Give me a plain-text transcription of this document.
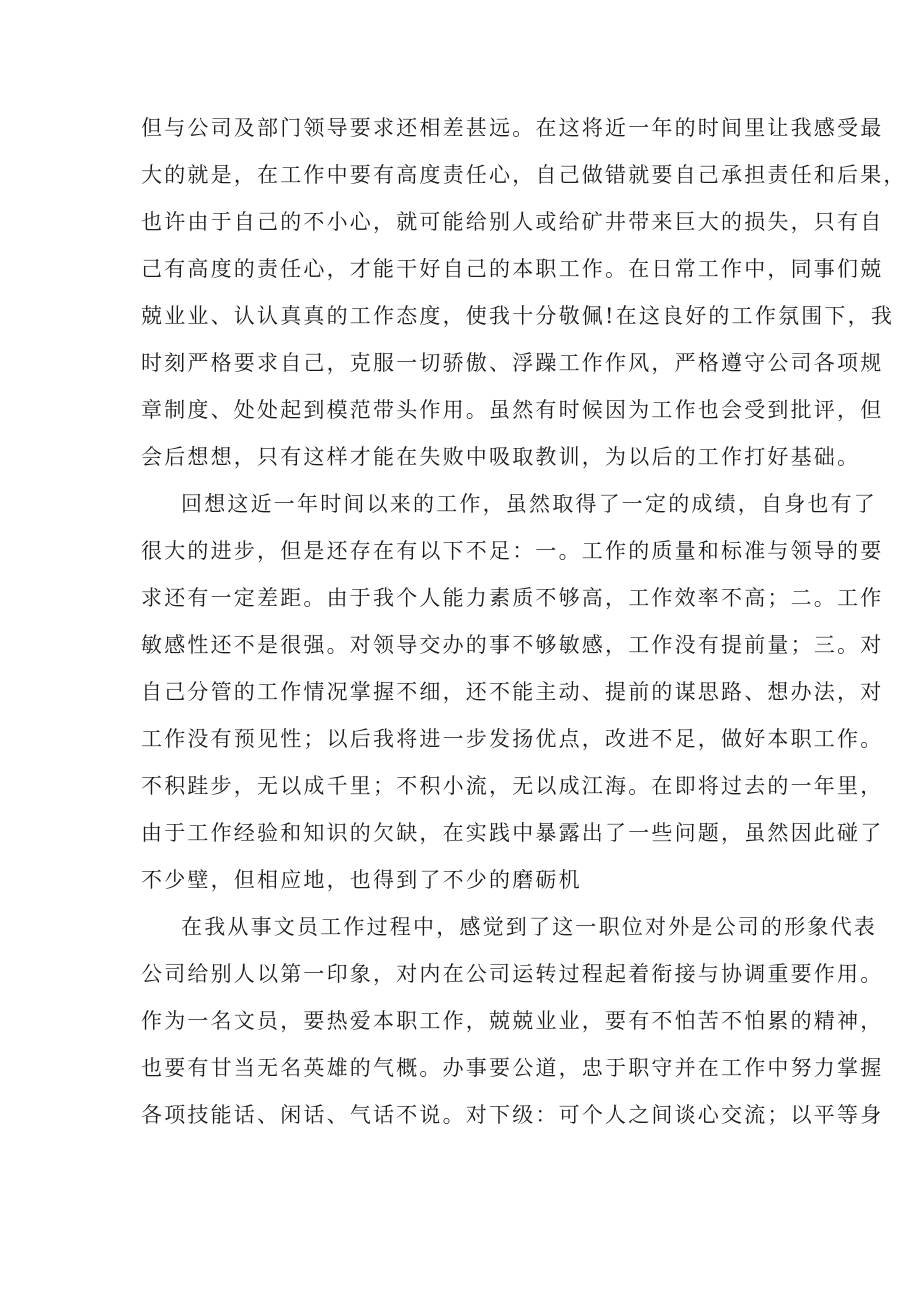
但与公司及部门领导要求还相差甚远。在这将近一年的时间里让我感受最
大的就是，在工作中要有高度责任心，自己做错就要自己承担责任和后果，
也许由于自己的不小心，就可能给别人或给矿井带来巨大的损失，只有自
己有高度的责任心，才能干好自己的本职工作。在日常工作中，同事们兢
兢业业、认认真真的工作态度，使我十分敬佩!在这良好的工作氛围下，我
时刻严格要求自己，克服一切骄傲、浮躁工作作风，严格遵守公司各项规
章制度、处处起到模范带头作用。虽然有时候因为工作也会受到批评，但
会后想想，只有这样才能在失败中吸取教训，为以后的工作打好基础。
回想这近一年时间以来的工作，虽然取得了一定的成绩，自身也有了
很大的进步，但是还存在有以下不足：一。工作的质量和标准与领导的要
求还有一定差距。由于我个人能力素质不够高，工作效率不高；二。工作
敏感性还不是很强。对领导交办的事不够敏感，工作没有提前量；三。对
自己分管的工作情况掌握不细，还不能主动、提前的谋思路、想办法，对
工作没有预见性；以后我将进一步发扬优点，改进不足，做好本职工作。
不积跬步，无以成千里；不积小流，无以成江海。在即将过去的一年里，
由于工作经验和知识的欠缺，在实践中暴露出了一些问题，虽然因此碰了
不少壁，但相应地，也得到了不少的磨砺机
在我从事文员工作过程中，感觉到了这一职位对外是公司的形象代表
公司给别人以第一印象，对内在公司运转过程起着衔接与协调重要作用。
作为一名文员，要热爱本职工作，兢兢业业，要有不怕苦不怕累的精神，
也要有甘当无名英雄的气概。办事要公道，忠于职守并在工作中努力掌握
各项技能话、闲话、气话不说。对下级：可个人之间谈心交流；以平等身
